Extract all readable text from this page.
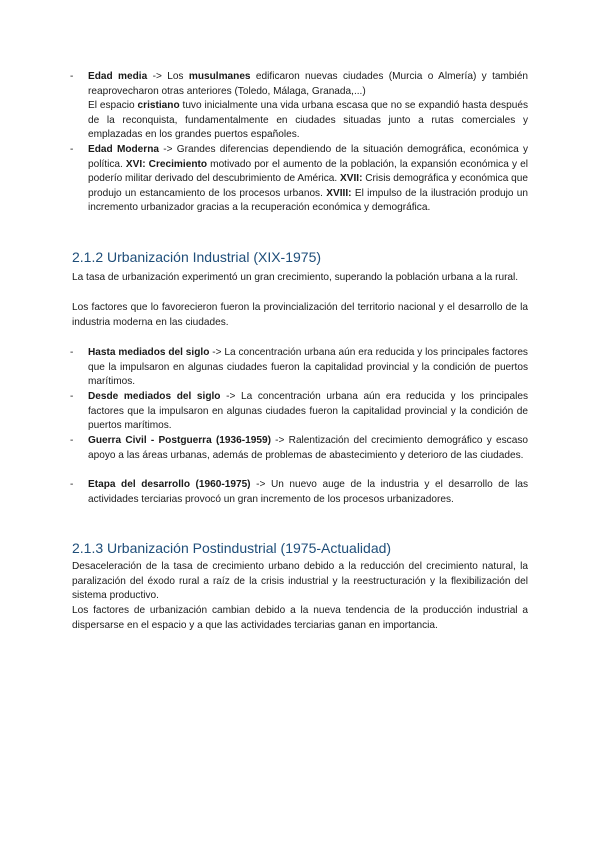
- Edad media -> Los musulmanes edificaron nuevas ciudades (Murcia o Almería) y también reaprovecharon otras anteriores (Toledo, Málaga, Granada,...)

El espacio cristiano tuvo inicialmente una vida urbana escasa que no se expandió hasta después de la reconquista, fundamentalmente en ciudades situadas junto a rutas comerciales y emplazadas en los grandes puertos españoles.

- Edad Moderna -> Grandes diferencias dependiendo de la situación demográfica, económica y política. XVI: Crecimiento motivado por el aumento de la población, la expansión económica y el poderío militar derivado del descubrimiento de América. XVII: Crisis demográfica y económica que produjo un estancamiento de los procesos urbanos. XVIII: El impulso de la ilustración produjo un incremento urbanizador gracias a la recuperación económica y demográfica.

2.1.2 Urbanización Industrial (XIX-1975)
La tasa de urbanización experimentó un gran crecimiento, superando la población urbana a la rural.
Los factores que lo favorecieron fueron la provincialización del territorio nacional y el desarrollo de la industria moderna en las ciudades.
- Hasta mediados del siglo -> La concentración urbana aún era reducida y los principales factores que la impulsaron en algunas ciudades fueron la capitalidad provincial y la condición de puertos marítimos.

- Desde mediados del siglo -> La concentración urbana aún era reducida y los principales factores que la impulsaron en algunas ciudades fueron la capitalidad provincial y la condición de puertos marítimos.

- Guerra Civil - Postguerra (1936-1959) -> Ralentización del crecimiento demográfico y escaso apoyo a las áreas urbanas, además de problemas de abastecimiento y deterioro de las ciudades.

- Etapa del desarrollo (1960-1975) -> Un nuevo auge de la industria y el desarrollo de las actividades terciarias provocó un gran incremento de los procesos urbanizadores.

2.1.3 Urbanización Postindustrial (1975-Actualidad)
Desaceleración de la tasa de crecimiento urbano debido a la reducción del crecimiento natural, la paralización del éxodo rural a raíz de la crisis industrial y la reestructuración y la flexibilización del sistema productivo.
Los factores de urbanización cambian debido a la nueva tendencia de la producción industrial a dispersarse en el espacio y a que las actividades terciarias ganan en importancia.
